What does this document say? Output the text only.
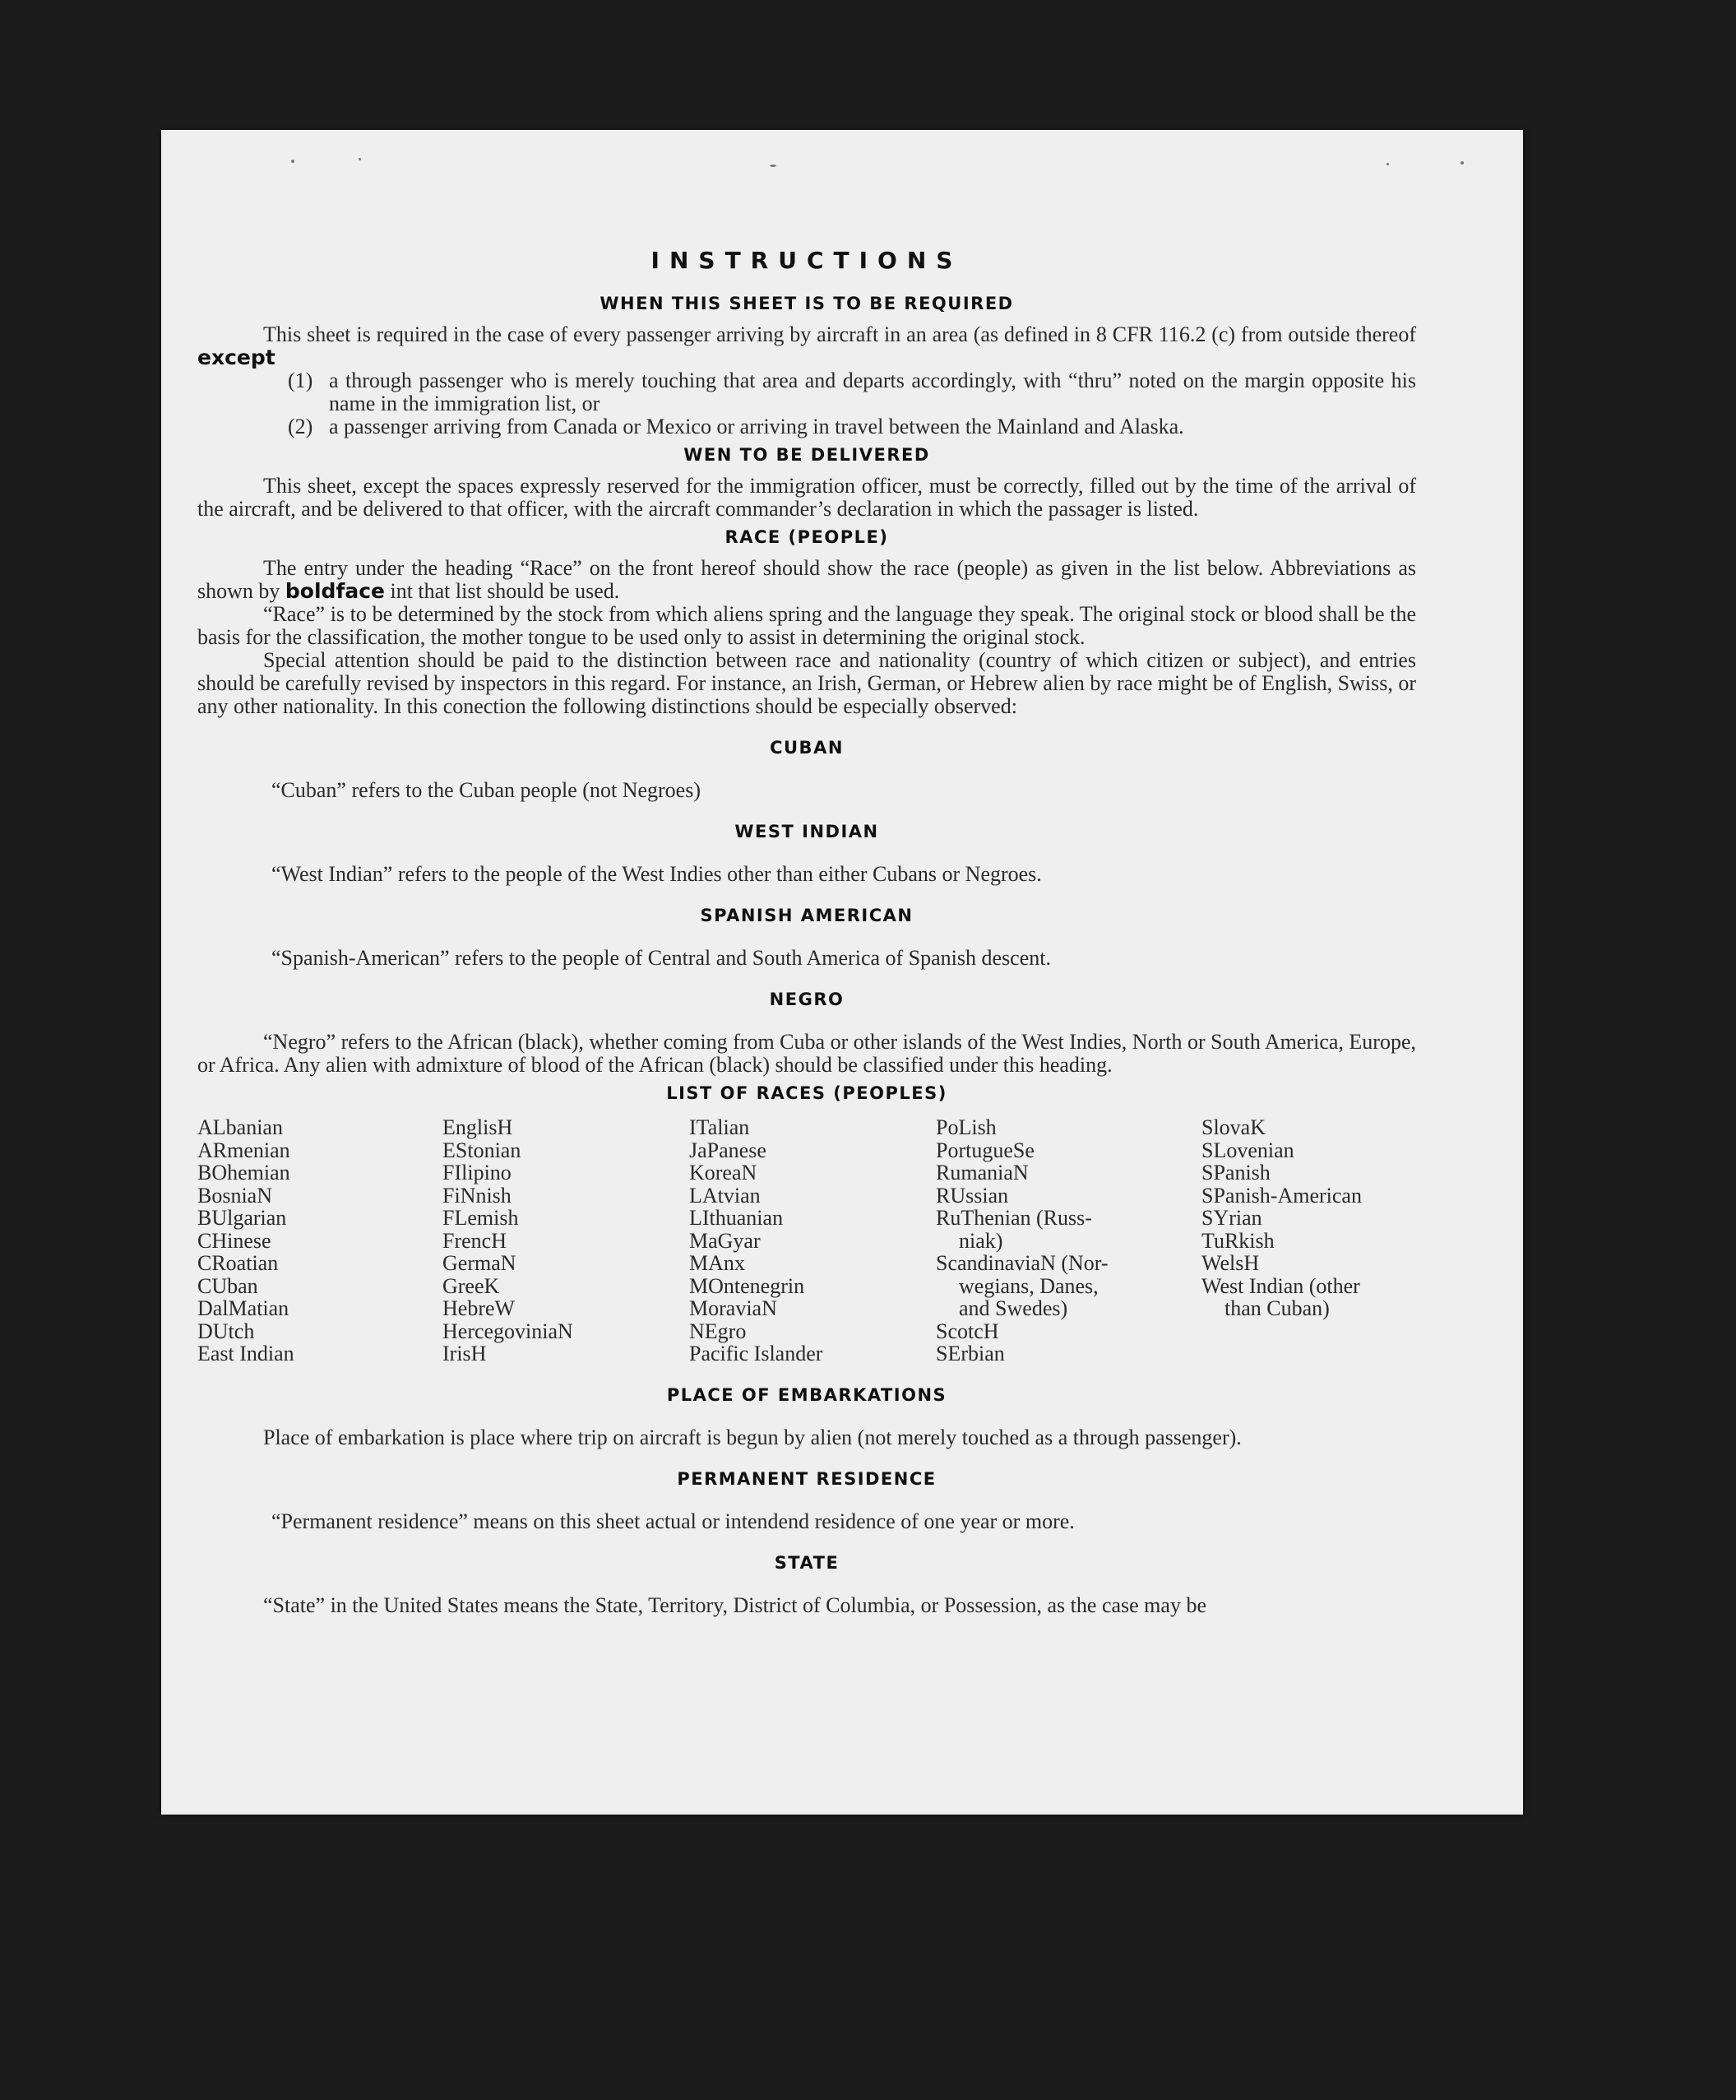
INSTRUCTIONS
WHEN THIS SHEET IS TO BE REQUIRED

This sheet is required in the case of every passenger arriving by aircraft in an area (as defined in 8 CFR 116.2 (c) from outside thereof except

(1) a through passenger who is merely touching that area and departs accordingly, with “thru” noted on the margin opposite his name in the immigration list, or
(2) a passenger arriving from Canada or Mexico or arriving in travel between the Mainland and Alaska.
WEN TO BE DELIVERED

This sheet, except the spaces expressly reserved for the immigration officer, must be correctly, filled out by the time of the arrival of the aircraft, and be delivered to that officer, with the aircraft commander’s declaration in which the passager is listed.

RACE (PEOPLE)

The entry under the heading “Race” on the front hereof should show the race (people) as given in the list below. Abbreviations as shown by boldface int that list should be used.

“Race” is to be determined by the stock from which aliens spring and the language they speak. The original stock or blood shall be the basis for the classification, the mother tongue to be used only to assist in determining the original stock.

Special attention should be paid to the distinction between race and nationality (country of which citizen or subject), and entries should be carefully revised by inspectors in this regard. For instance, an Irish, German, or Hebrew alien by race might be of English, Swiss, or any other nationality. In this conection the following distinctions should be especially observed:

CUBAN

“Cuban” refers to the Cuban people (not Negroes)

WEST INDIAN

“West Indian” refers to the people of the West Indies other than either Cubans or Negroes.

SPANISH AMERICAN

“Spanish-American” refers to the people of Central and South America of Spanish descent.

NEGRO

“Negro” refers to the African (black), whether coming from Cuba or other islands of the West Indies, North or South America, Europe, or Africa. Any alien with admixture of blood of the African (black) should be classified under this heading.

LIST OF RACES (PEOPLES)
ALbanian
ARmenian
BOhemian
BosniaN
BUlgarian
CHinese
CRoatian
CUban
DalMatian
DUtch
East Indian
EnglisH
EStonian
FIlipino
FiNnish
FLemish
FrencH
GermaN
GreeK
HebreW
HercegoviniaN
IrisH
ITalian
JaPanese
KoreaN
LAtvian
LIthuanian
MaGyar
MAnx
MOntenegrin
MoraviaN
NEgro
Pacific Islander
PoLish
PortugueSe
RumaniaN
RUssian
RuThenian (Russ-
niak)
ScandinaviaN (Nor-
wegians, Danes,
and Swedes)
ScotcH
SErbian
SlovaK
SLovenian
SPanish
SPanish-American
SYrian
TuRkish
WelsH
West Indian (other
than Cuban)
PLACE OF EMBARKATIONS

Place of embarkation is place where trip on aircraft is begun by alien (not merely touched as a through passenger).

PERMANENT RESIDENCE

“Permanent residence” means on this sheet actual or intendend residence of one year or more.

STATE

“State” in the United States means the State, Territory, District of Columbia, or Possession, as the case may be
